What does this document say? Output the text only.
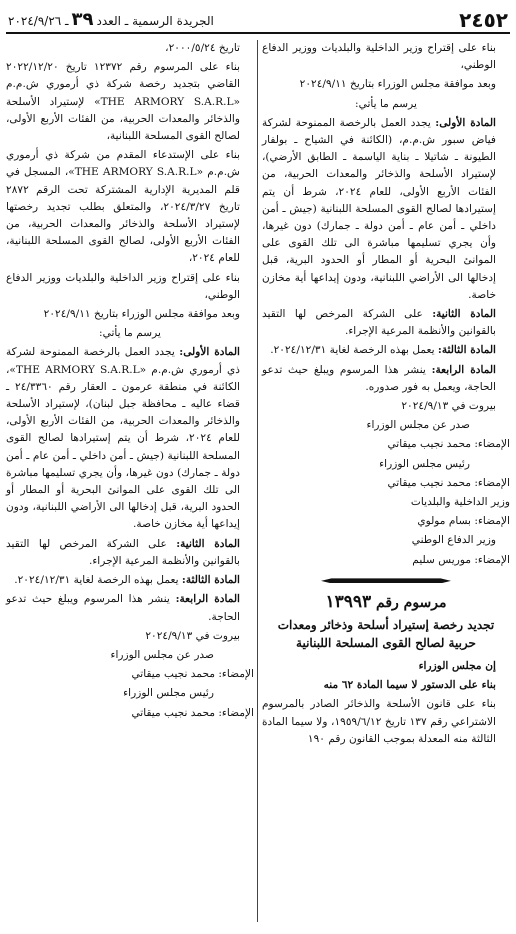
٢٤٥٢
الجريدة الرسمية ـ العدد٣٩ـ ٢٠٢٤/٩/٢٦

بناء على إقتراح وزير الداخلية والبلديات ووزير الدفاع الوطني،

وبعد موافقة مجلس الوزراء بتاريخ ٢٠٢٤/٩/١١

يرسم ما يأتي:

المادة الأولى: يجدد العمل بالرخصة الممنوحة لشركة فياض سبور ش.م.م، (الكائنة في الشياح ـ بولفار الطيونة ـ شاتيلا ـ بناية الياسمة ـ الطابق الأرضي)، لإستيراد الأسلحة والذخائر والمعدات الحربية، من الفئات الأربع الأولى، للعام ٢٠٢٤، شرط أن يتم إستيرادها لصالح القوى المسلحة اللبنانية (جيش ـ أمن داخلي ـ أمن عام ـ أمن دولة ـ جمارك) دون غيرها، وأن يجري تسليمها مباشرة الى تلك القوى على الموانئ البحرية أو المطار أو الحدود البرية، قبل إدخالها الى الأراضي اللبنانية، ودون إيداعها أية مخازن خاصة.

المادة الثانية: على الشركة المرخص لها التقيد بالقوانين والأنظمة المرعية الإجراء.

المادة الثالثة: يعمل بهذه الرخصة لغاية ٢٠٢٤/١٢/٣١.

المادة الرابعة: ينشر هذا المرسوم ويبلغ حيث تدعو الحاجة، ويعمل به فور صدوره.

بيروت في ٢٠٢٤/٩/١٣

صدر عن مجلس الوزراء

الإمضاء: محمد نجيب ميقاتي

رئيس مجلس الوزراء

الإمضاء: محمد نجيب ميقاتي

وزير الداخلية والبلديات

الإمضاء: بسام مولوي

وزير الدفاع الوطني

الإمضاء: موريس سليم

مرسوم رقم ١٣٩٩٣
تجديد رخصة إستيراد أسلحة وذخائر ومعدات حربية لصالح القوى المسلحة اللبنانية

إن مجلس الوزراء

بناء على الدستور لا سيما المادة ٦٢ منه

بناء على قانون الأسلحة والذخائر الصادر بالمرسوم الاشتراعي رقم ١٣٧ تاريخ ١٩٥٩/٦/١٢، ولا سيما المادة الثالثة منه المعدلة بموجب القانون رقم ١٩٠

تاريخ ٢٠٠٠/٥/٢٤،

بناء على المرسوم رقم ١٢٣٧٢ تاريخ ٢٠٢٢/١٢/٢٠ القاضي بتجديد رخصة شركة ذي أرموري ش.م.م «THE ARMORY S.A.R.L» لإستيراد الأسلحة والذخائر والمعدات الحربية، من الفئات الأربع الأولى، لصالح القوى المسلحة اللبنانية،

بناء على الإستدعاء المقدم من شركة ذي أرموري ش.م.م «THE ARMORY S.A.R.L»، المسجل في قلم المديرية الإدارية المشتركة تحت الرقم ٢٨٧٢ تاريخ ٢٠٢٤/٣/٢٧، والمتعلق بطلب تجديد رخصتها لإستيراد الأسلحة والذخائر والمعدات الحربية، من الفئات الأربع الأولى، لصالح القوى المسلحة اللبنانية، للعام ٢٠٢٤،

بناء على إقتراح وزير الداخلية والبلديات ووزير الدفاع الوطني،

وبعد موافقة مجلس الوزراء بتاريخ ٢٠٢٤/٩/١١

يرسم ما يأتي:

المادة الأولى: يجدد العمل بالرخصة الممنوحة لشركة ذي أرموري ش.م.م «THE ARMORY S.A.R.L»، الكائنة في منطقة عرمون ـ العقار رقم ٢٤/٣٣٦٠ ـ قضاء عاليه ـ محافظة جبل لبنان)، لإستيراد الأسلحة والذخائر والمعدات الحربية، من الفئات الأربع الأولى، للعام ٢٠٢٤، شرط أن يتم إستيرادها لصالح القوى المسلحة اللبنانية (جيش ـ أمن داخلي ـ أمن عام ـ أمن دولة ـ جمارك) دون غيرها، وأن يجري تسليمها مباشرة الى تلك القوى على الموانئ البحرية أو المطار أو الحدود البرية، قبل إدخالها الى الأراضي اللبنانية، ودون إيداعها أية مخازن خاصة.

المادة الثانية: على الشركة المرخص لها التقيد بالقوانين والأنظمة المرعية الإجراء.

المادة الثالثة: يعمل بهذه الرخصة لغاية ٢٠٢٤/١٢/٣١.

المادة الرابعة: ينشر هذا المرسوم ويبلغ حيث تدعو الحاجة.

بيروت في ٢٠٢٤/٩/١٣

صدر عن مجلس الوزراء

الإمضاء: محمد نجيب ميقاتي

رئيس مجلس الوزراء

الإمضاء: محمد نجيب ميقاتي
